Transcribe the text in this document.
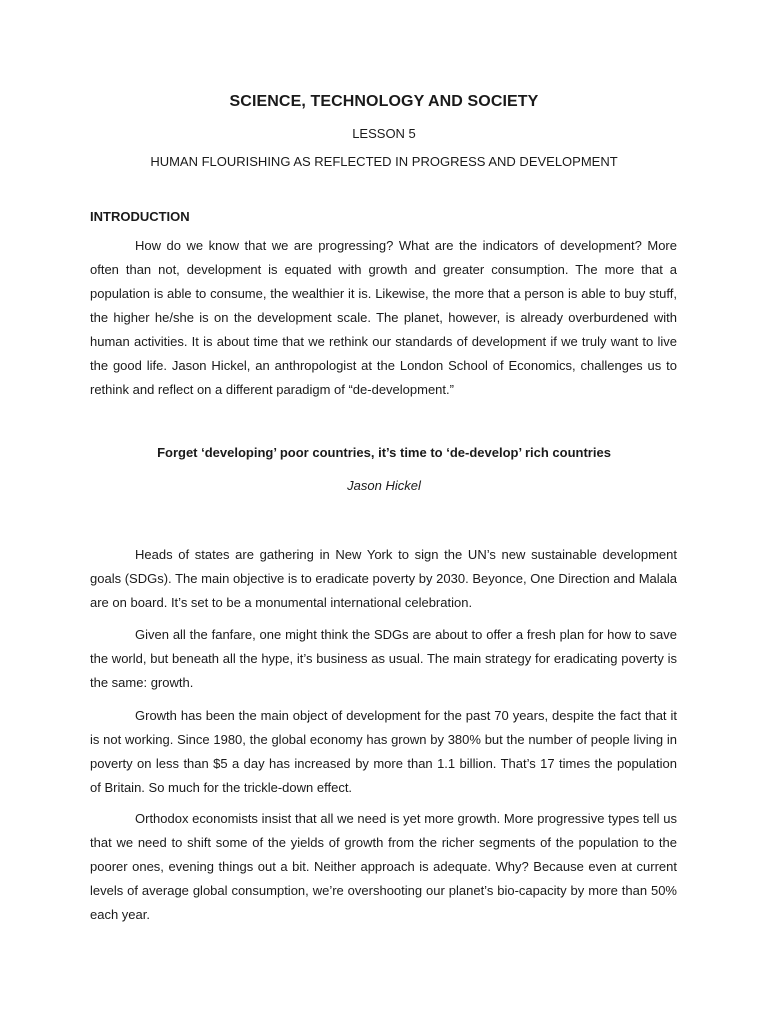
SCIENCE, TECHNOLOGY AND SOCIETY
LESSON 5
HUMAN FLOURISHING AS REFLECTED IN PROGRESS AND DEVELOPMENT
INTRODUCTION

How do we know that we are progressing? What are the indicators of development? More often than not, development is equated with growth and greater consumption. The more that a population is able to consume, the wealthier it is. Likewise, the more that a person is able to buy stuff, the higher he/she is on the development scale. The planet, however, is already overburdened with human activities. It is about time that we rethink our standards of development if we truly want to live the good life. Jason Hickel, an anthropologist at the London School of Economics, challenges us to rethink and reflect on a different paradigm of “de-development.”

Forget ‘developing’ poor countries, it’s time to ‘de-develop’ rich countries
Jason Hickel

Heads of states are gathering in New York to sign the UN’s new sustainable development goals (SDGs). The main objective is to eradicate poverty by 2030. Beyonce, One Direction and Malala are on board. It’s set to be a monumental international celebration.

Given all the fanfare, one might think the SDGs are about to offer a fresh plan for how to save the world, but beneath all the hype, it’s business as usual. The main strategy for eradicating poverty is the same: growth.

Growth has been the main object of development for the past 70 years, despite the fact that it is not working. Since 1980, the global economy has grown by 380% but the number of people living in poverty on less than $5 a day has increased by more than 1.1 billion. That’s 17 times the population of Britain. So much for the trickle-down effect.

Orthodox economists insist that all we need is yet more growth. More progressive types tell us that we need to shift some of the yields of growth from the richer segments of the population to the poorer ones, evening things out a bit. Neither approach is adequate. Why? Because even at current levels of average global consumption, we’re overshooting our planet’s bio-capacity by more than 50% each year.
